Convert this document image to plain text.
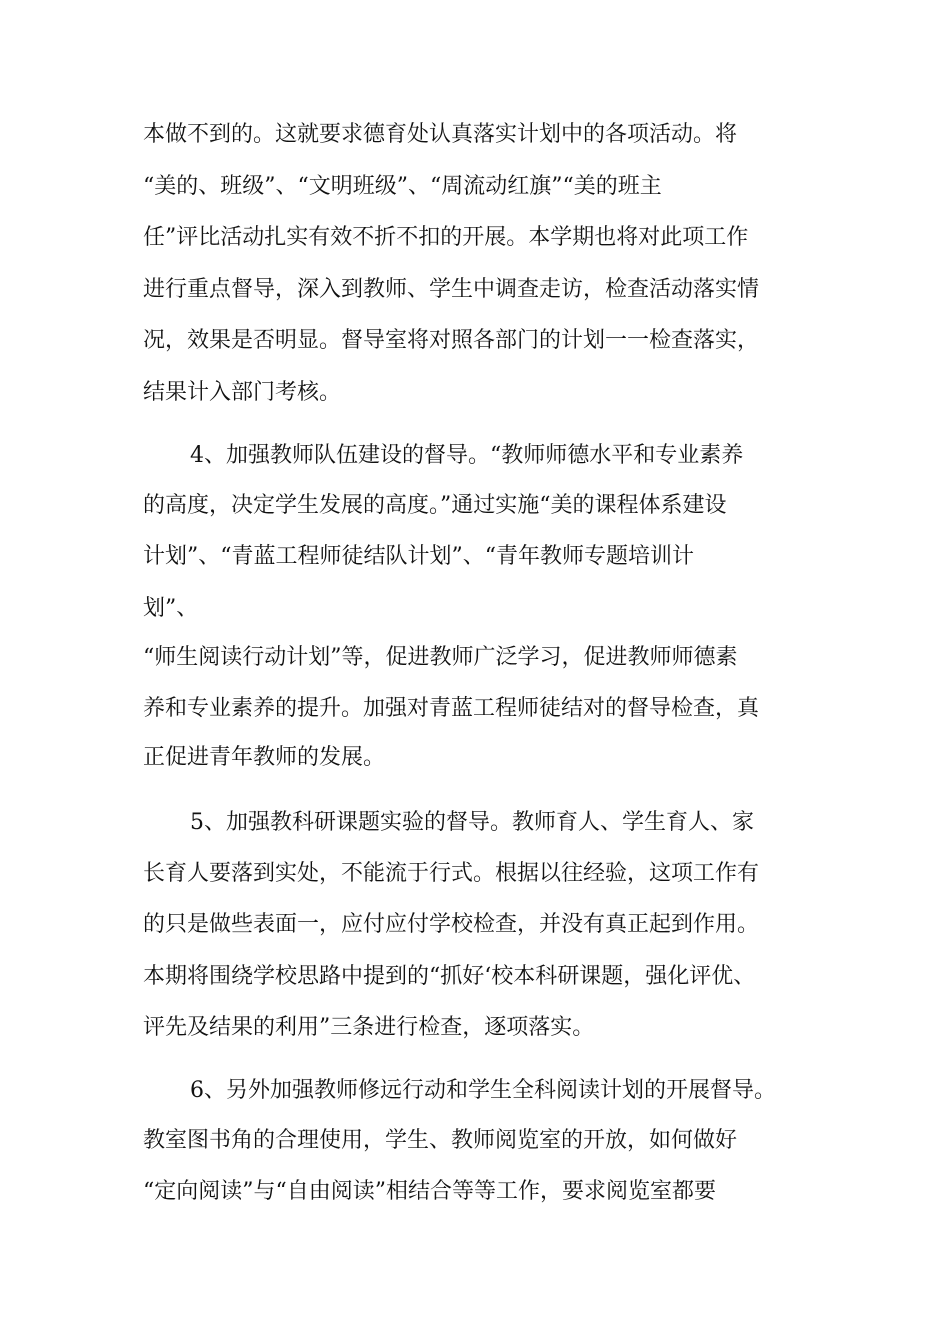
本做不到的。这就要求德育处认真落实计划中的各项活动。将
“美的、班级”、“文明班级”、“周流动红旗”“美的班主
任”评比活动扎实有效不折不扣的开展。本学期也将对此项工作
进行重点督导，深入到教师、学生中调查走访，检查活动落实情
况，效果是否明显。督导室将对照各部门的计划一一检查落实，
结果计入部门考核。
4、加强教师队伍建设的督导。“教师师德水平和专业素养
的高度，决定学生发展的高度。”通过实施“美的课程体系建设
计划”、“青蓝工程师徒结队计划”、“青年教师专题培训计
划”、
“师生阅读行动计划”等，促进教师广泛学习，促进教师师德素
养和专业素养的提升。加强对青蓝工程师徒结对的督导检查，真
正促进青年教师的发展。
5、加强教科研课题实验的督导。教师育人、学生育人、家
长育人要落到实处，不能流于行式。根据以往经验，这项工作有
的只是做些表面一，应付应付学校检查，并没有真正起到作用。
本期将围绕学校思路中提到的“抓好‘校本科研课题，强化评优、
评先及结果的利用”三条进行检查，逐项落实。
6、另外加强教师修远行动和学生全科阅读计划的开展督导。
教室图书角的合理使用，学生、教师阅览室的开放，如何做好
“定向阅读”与“自由阅读”相结合等等工作，要求阅览室都要
